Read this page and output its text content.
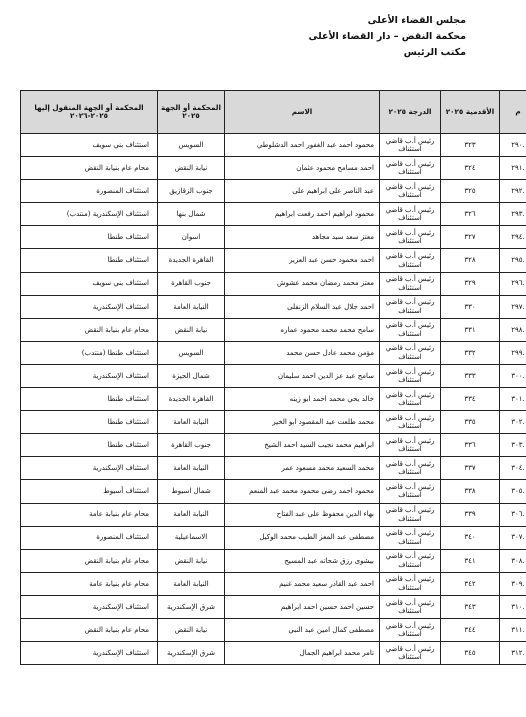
مجلس القضاء الأعلى
محكمة النقض – دار القضاء الأعلى
مكتب الرئيس
م	الأقدمية ٢٠٢٥	الدرجة ٢٠٢٥	الاسم	المحكمة أو الجهة ٢٠٢٥	المحكمة أو الجهة المنقول إليها ٢٠٢٥-٢٠٢٦
.٢٩٠	٣٢٣	رئيس أ.ب قاضي استئناف	محمود احمد عبد الغفور احمد الدشلوطي	السويس	استئناف بني سويف
.٢٩١	٣٢٤	رئيس أ.ب قاضي استئناف	احمد مسامح محمود عثمان	نيابة النقض	محام عام بنيابة النقض
.٢٩٢	٣٢٥	رئيس أ.ب قاضي استئناف	عبد الناصر على ابراهيم على	جنوب الزقازيق	استئناف المنصورة
.٢٩٣	٣٢٦	رئيس أ.ب قاضي استئناف	محمود ابراهيم احمد رفعت ابراهيم	شمال بنها	استئناف الإسكندرية (منتدب)
.٢٩٤	٣٢٧	رئيس أ.ب قاضي استئناف	معتز سعد سيد مجاهد	اسوان	استئناف طنطا
.٢٩٥	٣٢٨	رئيس أ.ب قاضي استئناف	احمد محمود حسن عبد العزيز	القاهرة الجديدة	استئناف طنطا
.٢٩٦	٣٢٩	رئيس أ.ب قاضي استئناف	معتز محمد رمضان محمد عشوش	جنوب القاهرة	استئناف بني سويف
.٢٩٧	٣٣٠	رئيس أ.ب قاضي استئناف	احمد جلال عبد السلام الزنفلى	النيابة العامة	استئناف الإسكندرية
.٢٩٨	٣٣١	رئيس أ.ب قاضي استئناف	سامح محمد محمد محمود عماره	نيابة النقض	محام عام بنيابة النقض
.٢٩٩	٣٣٢	رئيس أ.ب قاضي استئناف	مؤمن محمد عادل حسن محمد	السويس	استئناف طنطا (منتدب)
.٣٠٠	٣٣٣	رئيس أ.ب قاضي استئناف	سامح عبد عز الدين احمد سليمان	شمال الجيزة	استئناف الإسكندرية
.٣٠١	٣٣٤	رئيس أ.ب قاضي استئناف	خالد يحي محمد احمد ابو زينه	القاهرة الجديدة	استئناف طنطا
.٣٠٢	٣٣٥	رئيس أ.ب قاضي استئناف	محمد طلعت عبد المقصود ابو الخير	النيابة العامة	استئناف طنطا
.٣٠٣	٣٣٦	رئيس أ.ب قاضي استئناف	ابراهيم محمد نجيب السيد احمد الشيخ	جنوب القاهرة	استئناف طنطا
.٣٠٤	٣٣٧	رئيس أ.ب قاضي استئناف	محمد السعيد محمد مسعود عمر	النيابة العامة	استئناف الإسكندرية
.٣٠٥	٣٣٨	رئيس أ.ب قاضي استئناف	محمود احمد رضى محمود محمد عبد المنعم	شمال اسيوط	استئناف أسيوط
.٣٠٦	٣٣٩	رئيس أ.ب قاضي استئناف	بهاء الدين محفوظ على عبد الفتاح	النيابة العامة	محام عام بنيابة عامة
.٣٠٧	٣٤٠	رئيس أ.ب قاضي استئناف	مصطفى عبد المعز الطيب محمد الوكيل	الاسماعيلية	استئناف المنصورة
.٣٠٨	٣٤١	رئيس أ.ب قاضي استئناف	بيشوى رزق شحاته عبد المسيح	نيابة النقض	محام عام بنيابة النقض
.٣٠٩	٣٤٢	رئيس أ.ب قاضي استئناف	احمد عبد القادر سعيد محمد غنيم	النيابة العامة	محام عام بنيابة عامة
.٣١٠	٣٤٣	رئيس أ.ب قاضي استئناف	حسين احمد حسين احمد ابراهيم	شرق الإسكندرية	استئناف الإسكندرية
.٣١١	٣٤٤	رئيس أ.ب قاضي استئناف	مصطفى كمال امين عبد النبي	نيابة النقض	محام عام بنيابة النقض
.٣١٢	٣٤٥	رئيس أ.ب قاضي استئناف	تامر محمد ابراهيم الجمال	شرق الإسكندرية	استئناف الإسكندرية
